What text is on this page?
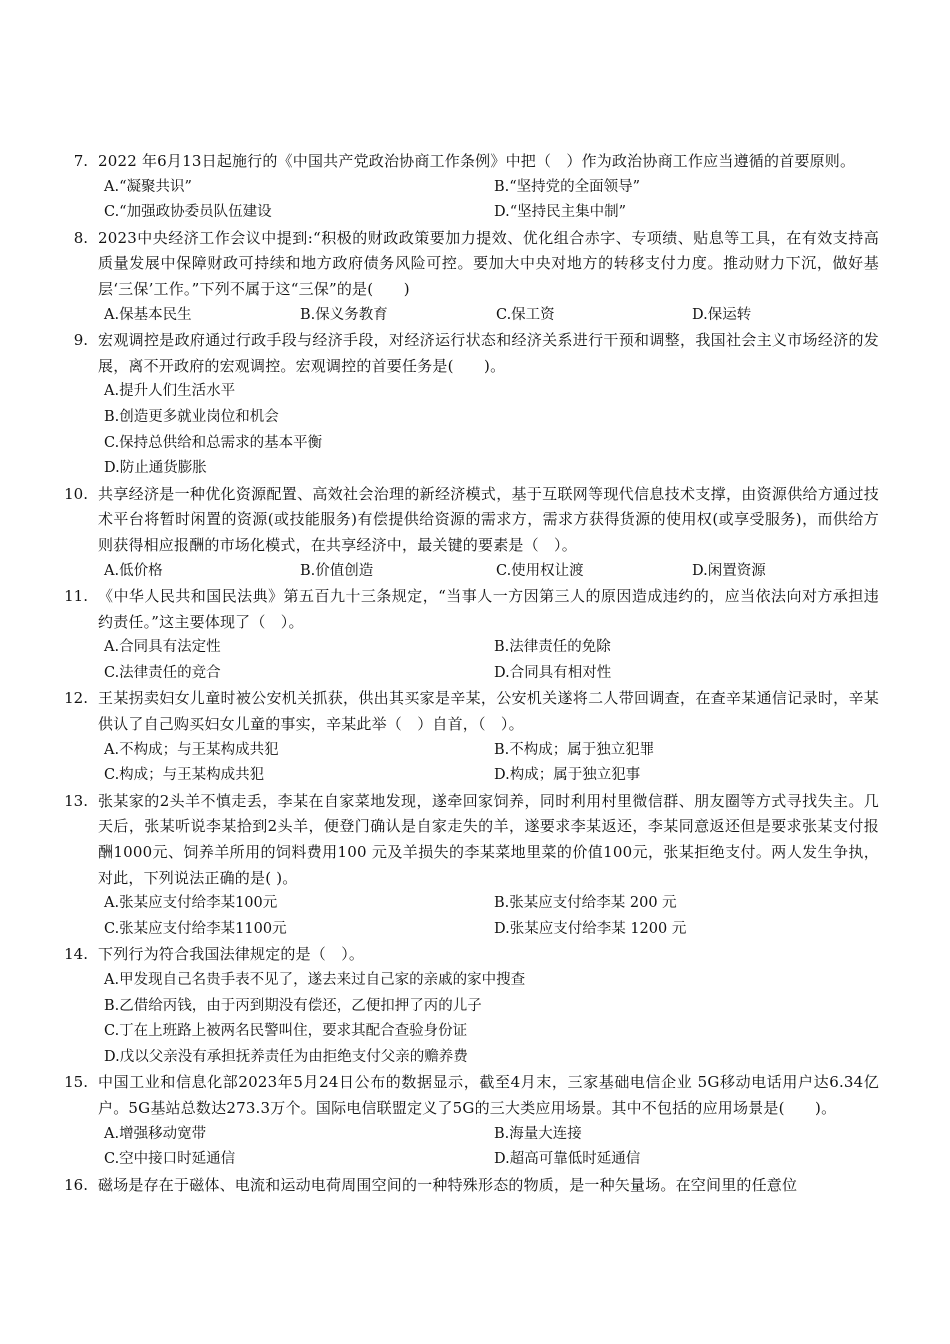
7. 2022 年6月13日起施行的《中国共产党政治协商工作条例》中把（　）作为政治协商工作应当遵循的首要原则。
A.“凝聚共识”	B.“坚持党的全面领导”
C.“加强政协委员队伍建设	D.“坚持民主集中制”
8. 2023中央经济工作会议中提到:“积极的财政政策要加力提效、优化组合赤字、专项绩、贴息等工具，在有效支持高质量发展中保障财政可持续和地方政府债务风险可控。要加大中央对地方的转移支付力度。推动财力下沉，做好基层‘三保’工作。”下列不属于这“三保”的是(　　)
A.保基本民生	B.保义务教育	C.保工资	D.保运转
9. 宏观调控是政府通过行政手段与经济手段，对经济运行状态和经济关系进行干预和调整，我国社会主义市场经济的发展，离不开政府的宏观调控。宏观调控的首要任务是(　　)。
A.提升人们生活水平
B.创造更多就业岗位和机会
C.保持总供给和总需求的基本平衡
D.防止通货膨胀
10. 共享经济是一种优化资源配置、高效社会治理的新经济模式，基于互联网等现代信息技术支撑，由资源供给方通过技术平台将暂时闲置的资源(或技能服务)有偿提供给资源的需求方，需求方获得货源的使用权(或享受服务)，而供给方则获得相应报酬的市场化模式，在共享经济中，最关键的要素是（　）。
A.低价格	B.价值创造	C.使用权让渡	D.闲置资源
11. 《中华人民共和国民法典》第五百九十三条规定，“当事人一方因第三人的原因造成违约的，应当依法向对方承担违约责任。”这主要体现了（　）。
A.合同具有法定性	B.法律责任的免除
C.法律责任的竞合	D.合同具有相对性
12. 王某拐卖妇女儿童时被公安机关抓获，供出其买家是辛某，公安机关遂将二人带回调查，在查辛某通信记录时，辛某供认了自己购买妇女儿童的事实，辛某此举（　）自首，（　）。
A.不构成；与王某构成共犯	B.不构成；属于独立犯罪
C.构成；与王某构成共犯	D.构成；属于独立犯事
13. 张某家的2头羊不慎走丢，李某在自家菜地发现，遂牵回家饲养，同时利用村里微信群、朋友圈等方式寻找失主。几天后，张某听说李某拾到2头羊，便登门确认是自家走失的羊，遂要求李某返还，李某同意返还但是要求张某支付报酬1000元、饲养羊所用的饲料费用100 元及羊损失的李某菜地里菜的价值100元，张某拒绝支付。两人发生争执，对此，下列说法正确的是( )。
A.张某应支付给李某100元	B.张某应支付给李某 200 元
C.张某应支付给李某1100元	D.张某应支付给李某 1200 元
14. 下列行为符合我国法律规定的是（　）。
A.甲发现自己名贵手表不见了，遂去来过自己家的亲戚的家中搜查
B.乙借给丙钱，由于丙到期没有偿还，乙便扣押了丙的儿子
C.丁在上班路上被两名民警叫住，要求其配合查验身份证
D.戊以父亲没有承担抚养责任为由拒绝支付父亲的赡养费
15. 中国工业和信息化部2023年5月24日公布的数据显示，截至4月末，三家基础电信企业 5G移动电话用户达6.34亿户。5G基站总数达273.3万个。国际电信联盟定义了5G的三大类应用场景。其中不包括的应用场景是(　　)。
A.增强移动宽带	B.海量大连接
C.空中接口时延通信	D.超高可靠低时延通信
16. 磁场是存在于磁体、电流和运动电荷周围空间的一种特殊形态的物质，是一种矢量场。在空间里的任意位
